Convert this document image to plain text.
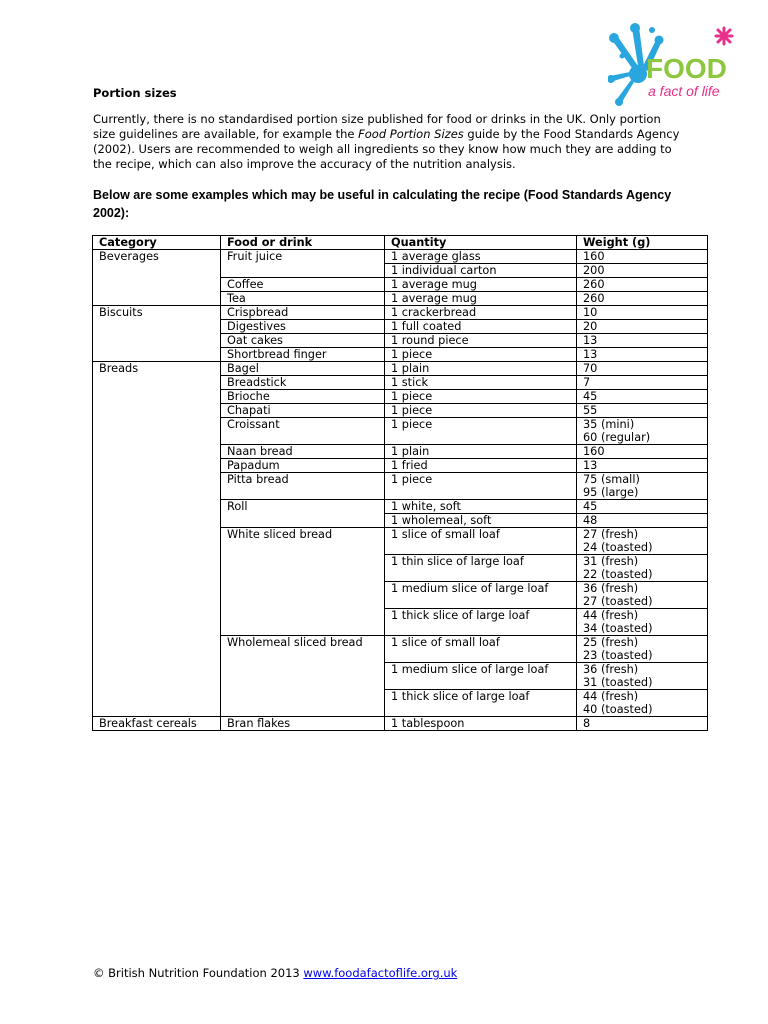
FOOD
a fact of life
Portion sizes
Currently, there is no standardised portion size published for food or drinks in the UK. Only portion size guidelines are available, for example the Food Portion Sizes guide by the Food Standards Agency (2002). Users are recommended to weigh all ingredients so they know how much they are adding to the recipe, which can also improve the accuracy of the nutrition analysis.
Below are some examples which may be useful in calculating the recipe (Food Standards Agency 2002):
Category	Food or drink	Quantity	Weight (g)
Beverages	Fruit juice	1 average glass	160
		1 individual carton	200
	Coffee	1 average mug	260
	Tea	1 average mug	260
Biscuits	Crispbread	1 crackerbread	10
	Digestives	1 full coated	20
	Oat cakes	1 round piece	13
	Shortbread finger	1 piece	13
Breads	Bagel	1 plain	70
	Breadstick	1 stick	7
	Brioche	1 piece	45
	Chapati	1 piece	55
	Croissant	1 piece	35 (mini)
60 (regular)

	Naan bread	1 plain	160
	Papadum	1 fried	13
	Pitta bread	1 piece	75 (small)
95 (large)

	Roll	1 white, soft	45
		1 wholemeal, soft	48
	White sliced bread	1 slice of small loaf	27 (fresh)
24 (toasted)

		1 thin slice of large loaf	31 (fresh)
22 (toasted)

		1 medium slice of large loaf	36 (fresh)
27 (toasted)

		1 thick slice of large loaf	44 (fresh)
34 (toasted)

	Wholemeal sliced bread	1 slice of small loaf	25 (fresh)
23 (toasted)

		1 medium slice of large loaf	36 (fresh)
31 (toasted)

		1 thick slice of large loaf	44 (fresh)
40 (toasted)

Breakfast cereals	Bran flakes	1 tablespoon	8
© British Nutrition Foundation 2013 www.foodafactoflife.org.uk
